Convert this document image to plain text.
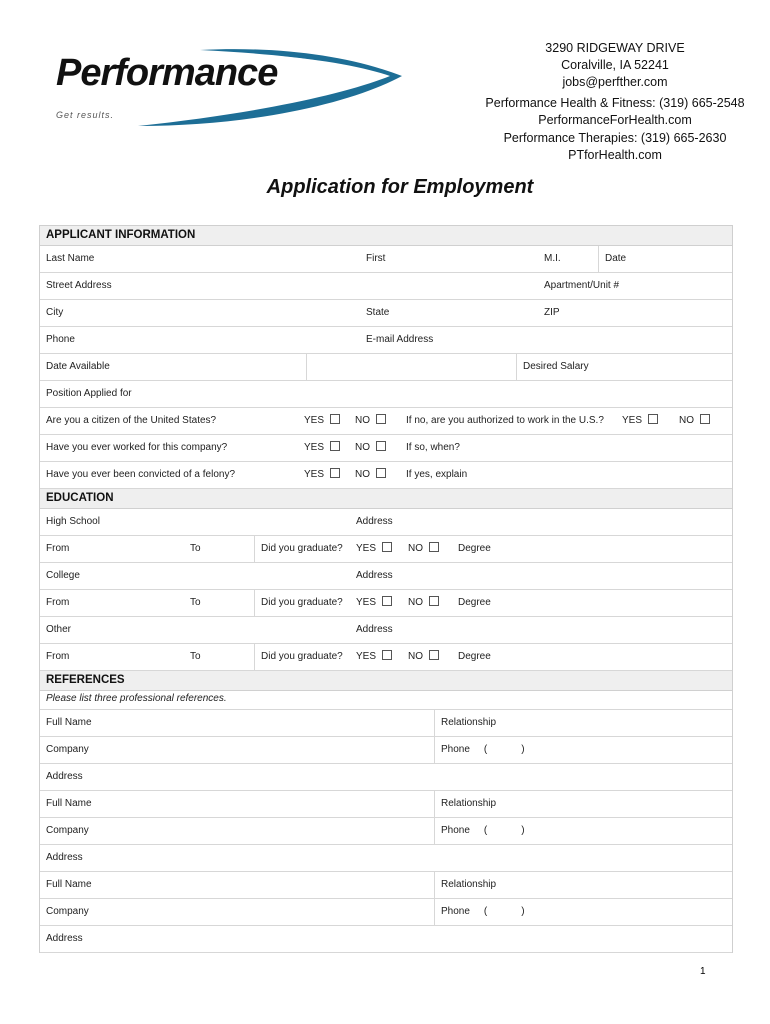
Performance
Get results.
3290 RIDGEWAY DRIVE
Coralville, IA 52241
jobs@perfther.com
Performance Health & Fitness: (319) 665-2548
PerformanceForHealth.com
Performance Therapies: (319) 665-2630
PTforHealth.com
Application for Employment
APPLICANT INFORMATION
Last Name	First	M.I.	Date
Street Address	Apartment/Unit #
City	State	ZIP
Phone	E-mail Address
Date Available	Desired Salary
Position Applied for
Are you a citizen of the United States?	YES	NO	If no, are you authorized to work in the U.S.?	YES	NO
Have you ever worked for this company?	YES	NO	If so, when?
Have you ever been convicted of a felony?	YES	NO	If yes, explain
EDUCATION
High School	Address
From	To	Did you graduate?	YES	NO	Degree
College	Address
From	To	Did you graduate?	YES	NO	Degree
Other	Address
From	To	Did you graduate?	YES	NO	Degree
REFERENCES
Please list three professional references.
Full Name	Relationship
Company	Phone (	)
Address
Full Name	Relationship
Company	Phone (	)
Address
Full Name	Relationship
Company	Phone (	)
Address
1
